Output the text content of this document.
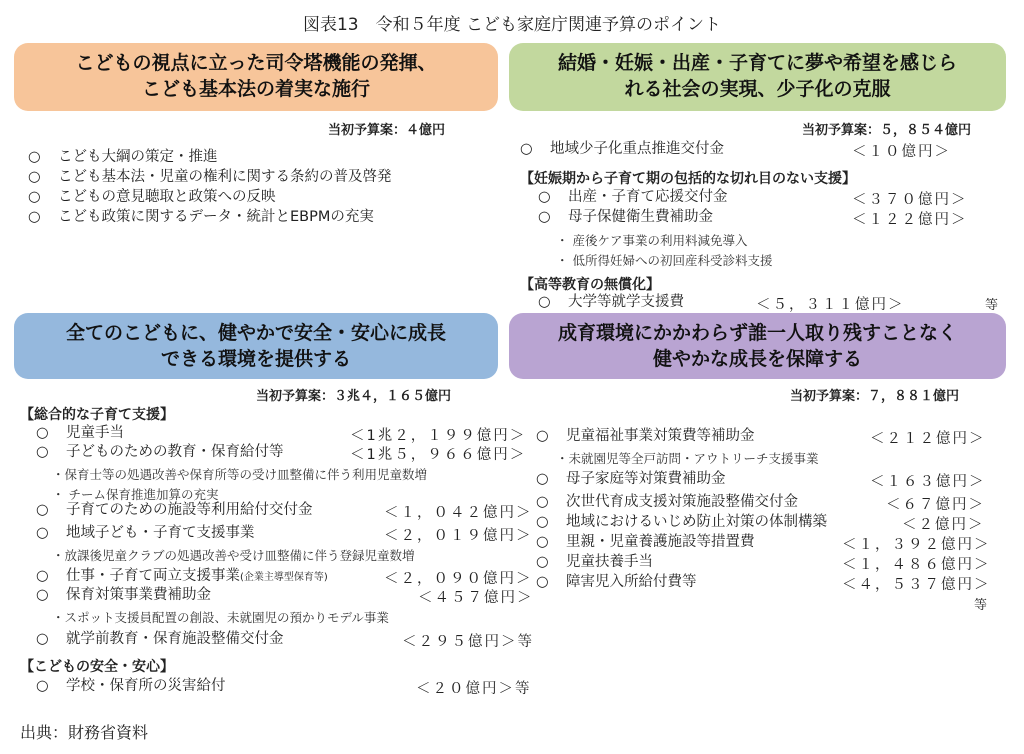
図表13　令和５年度 こども家庭庁関連予算のポイント
こどもの視点に立った司令塔機能の発揮、
こども基本法の着実な施行
当初予算案：４億円
○ こども大綱の策定・推進
○ こども基本法・児童の権利に関する条約の普及啓発
○ こどもの意見聴取と政策への反映
○ こども政策に関するデータ・統計とEBPMの充実
結婚・妊娠・出産・子育てに夢や希望を感じら
れる社会の実現、少子化の克服
当初予算案：５，８５４億円
○ 地域少子化重点推進交付金	＜１０億円＞
【妊娠期から子育て期の包括的な切れ目のない支援】
○ 出産・子育て応援交付金	＜３７０億円＞
○ 母子保健衛生費補助金	＜１２２億円＞
・ 産後ケア事業の利用料減免導入
・ 低所得妊婦への初回産科受診料支援
【高等教育の無償化】
○ 大学等就学支援費	＜５，３１１億円＞	等
全てのこどもに、健やかで安全・安心に成長
できる環境を提供する
当初予算案：３兆４，１６５億円
【総合的な子育て支援】
○ 児童手当	＜1兆２，１９９億円＞
○ 子どものための教育・保育給付等	＜1兆５，９６６億円＞
・保育士等の処遇改善や保育所等の受け皿整備に伴う利用児童数増
・ チーム保育推進加算の充実
○ 子育てのための施設等利用給付交付金	＜１，０４２億円＞
○ 地域子ども・子育て支援事業	＜２，０１９億円＞
・放課後児童クラブの処遇改善や受け皿整備に伴う登録児童数増
○ 仕事・子育て両立支援事業(企業主導型保育等)	＜２，０９０億円＞
○ 保育対策事業費補助金	＜４５７億円＞
・スポット支援員配置の創設、未就園児の預かりモデル事業
○ 就学前教育・保育施設整備交付金	＜２９５億円＞等
【こどもの安全・安心】
○ 学校・保育所の災害給付	＜２０億円＞等
成育環境にかかわらず誰一人取り残すことなく
健やかな成長を保障する
当初予算案：７，８８１億円
○ 児童福祉事業対策費等補助金	＜２１２億円＞
・未就園児等全戸訪問・アウトリーチ支援事業
○ 母子家庭等対策費補助金	＜１６３億円＞
○ 次世代育成支援対策施設整備交付金	＜６７億円＞
○ 地域におけるいじめ防止対策の体制構築	＜２億円＞
○ 里親・児童養護施設等措置費	＜１，３９２億円＞
○ 児童扶養手当	＜１，４８６億円＞
○ 障害児入所給付費等	＜４，５３７億円＞
等
出典：財務省資料
